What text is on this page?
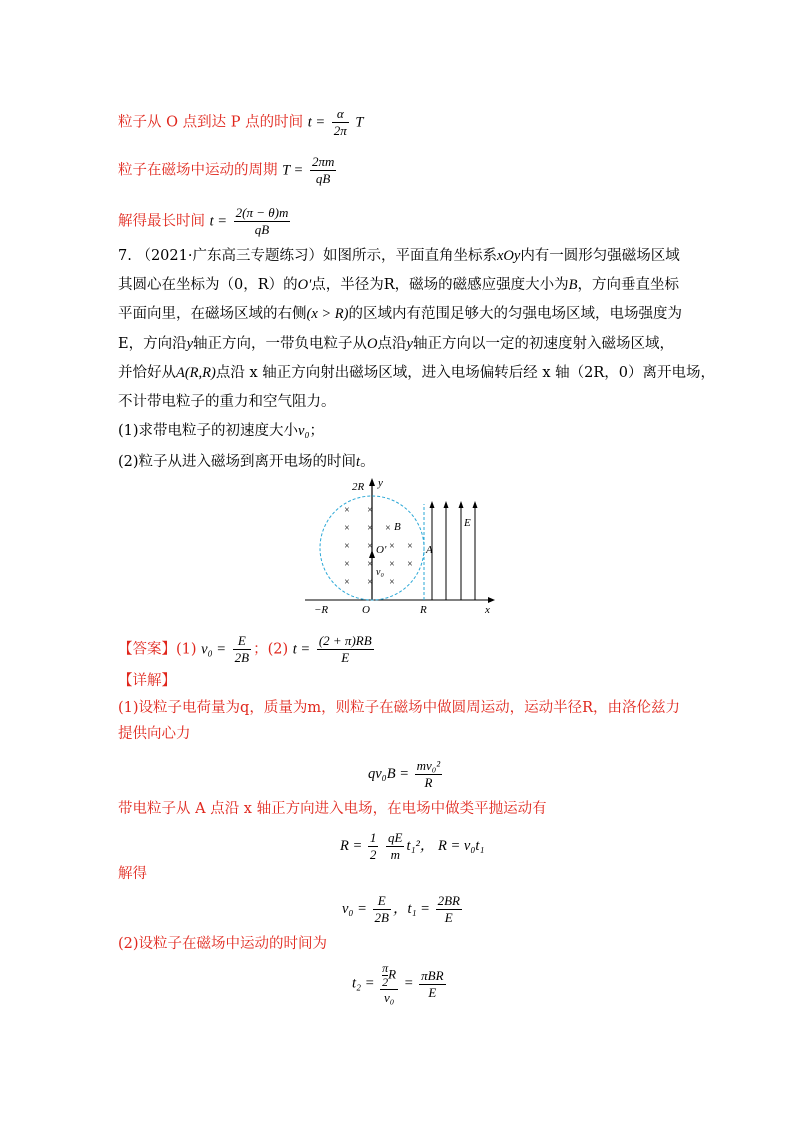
粒子从 O 点到达 P 点的时间 $t = \frac{\alpha}{2\pi}$ T
粒子在磁场中运动的周期 $T = \frac{2\pi m}{qB}$
解得最长时间 $t = \frac{2(\pi - \theta)m}{qB}$
7. （2021·广东高三专题练习）如图所示，平面直角坐标系xOy内有一圆形匀强磁场区域
其圆心在坐标为（0，R）的O'点，半径为R，磁场的磁感应强度大小为B，方向垂直坐标
平面向里，在磁场区域的右侧(x > R)的区域内有范围足够大的匀强电场区域，电场强度为
E，方向沿y轴正方向，一带负电粒子从O点沿y轴正方向以一定的初速度射入磁场区域，
并恰好从A(R,R)点沿 x 轴正方向射出磁场区域，进入电场偏转后经 x 轴（2R，0）离开电场，
不计带电粒子的重力和空气阻力。
(1)求带电粒子的初速度大小v₀；
(2)粒子从进入磁场到离开电场的时间t。
× ×
× × ×
× × × ×
× × × ×
× × ×
2R y
B
O'	A
E
v₀
−R	O	R	x
【答案】(1) $v_0 = \frac{E}{2B}$ ；(2) $t = \frac{(2 + \pi)RB}{E}$
【详解】
(1)设粒子电荷量为q，质量为m，则粒子在磁场中做圆周运动，运动半径R，由洛伦兹力
提供向心力
$qv_0B = \frac{\text{mv₀²}}{R}$
带电粒子从 A 点沿 x 轴正方向进入电场，在电场中做类平抛运动有
$R = \frac{1}{2}$
$\frac{qE}{m} t_1^2$， R = v₀t₁
解得
$v_0 = \frac{E}{2B}$ ，$t_1 = \frac{2BR}{E}$
(2)设粒子在磁场中运动的时间为
$t_2 = \frac{\frac{\pi}{2} R}{\text{v₀}} = \frac{\text{πBR}}{E}$
